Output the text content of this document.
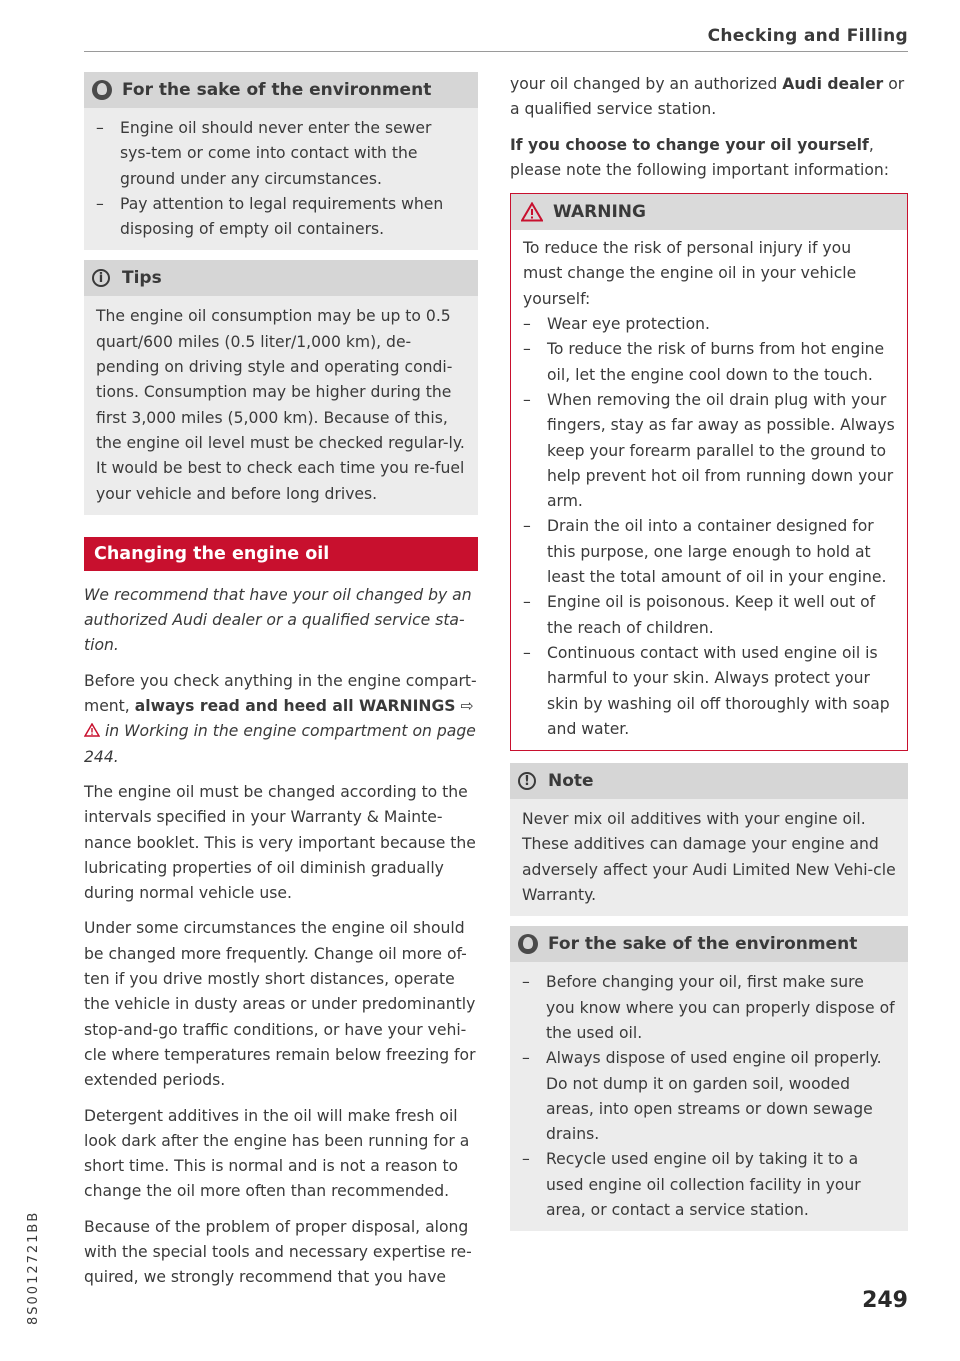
Checking and Filling
For the sake of the environment
– Engine oil should never enter the sewer sys-tem or come into contact with the ground under any circumstances.
– Pay attention to legal requirements when disposing of empty oil containers.
i	Tips

The engine oil consumption may be up to 0.5 quart/600 miles (0.5 liter/1,000 km), de-pending on driving style and operating condi-tions. Consumption may be higher during the first 3,000 miles (5,000 km). Because of this, the engine oil level must be checked regular-ly. It would be best to check each time you re-fuel your vehicle and before long drives.

Changing the engine oil

We recommend that have your oil changed by an authorized Audi dealer or a qualified service sta-tion.

Before you check anything in the engine compart-ment, always read and heed all WARNINGS ⇨  in Working in the engine compartment on page 244.

The engine oil must be changed according to the intervals specified in your Warranty & Mainte-nance booklet. This is very important because the lubricating properties of oil diminish gradually during normal vehicle use.

Under some circumstances the engine oil should be changed more frequently. Change oil more of-ten if you drive mostly short distances, operate the vehicle in dusty areas or under predominantly stop-and-go traffic conditions, or have your vehi-cle where temperatures remain below freezing for extended periods.

Detergent additives in the oil will make fresh oil look dark after the engine has been running for a short time. This is normal and is not a reason to change the oil more often than recommended.

Because of the problem of proper disposal, along with the special tools and necessary expertise re-quired, we strongly recommend that you have

your oil changed by an authorized Audi dealer or a qualified service station.

If you choose to change your oil yourself, please note the following important information:

WARNING

To reduce the risk of personal injury if you must change the engine oil in your vehicle yourself:

– Wear eye protection.
– To reduce the risk of burns from hot engine oil, let the engine cool down to the touch.
– When removing the oil drain plug with your fingers, stay as far away as possible. Always keep your forearm parallel to the ground to help prevent hot oil from running down your arm.
– Drain the oil into a container designed for this purpose, one large enough to hold at least the total amount of oil in your engine.
– Engine oil is poisonous. Keep it well out of the reach of children.
– Continuous contact with used engine oil is harmful to your skin. Always protect your skin by washing oil off thoroughly with soap and water.
!	Note

Never mix oil additives with your engine oil. These additives can damage your engine and adversely affect your Audi Limited New Vehi-cle Warranty.

For the sake of the environment
– Before changing your oil, first make sure you know where you can properly dispose of the used oil.
– Always dispose of used engine oil properly. Do not dump it on garden soil, wooded areas, into open streams or down sewage drains.
– Recycle used engine oil by taking it to a used engine oil collection facility in your area, or contact a service station.
249
8S0012721BB
